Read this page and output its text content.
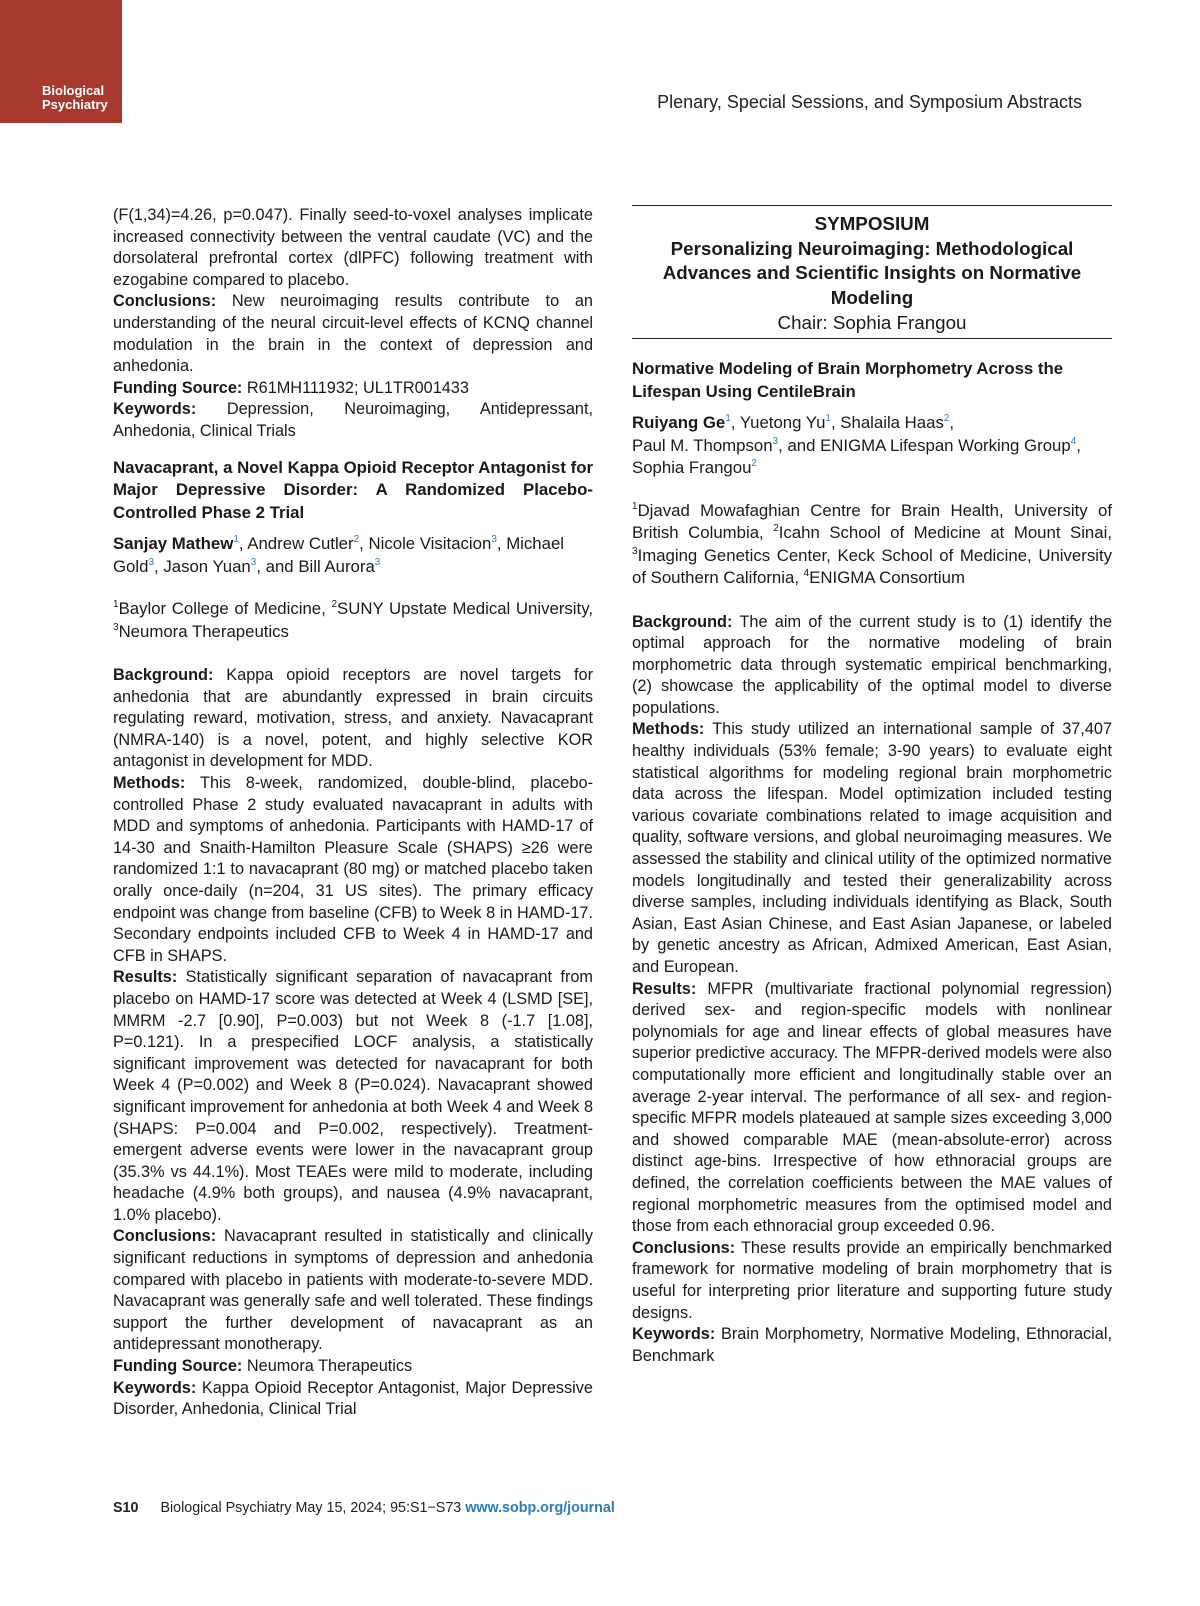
Biological
Psychiatry	Plenary, Special Sessions, and Symposium Abstracts

(F(1,34)=4.26, p=0.047). Finally seed-to-voxel analyses implicate increased connectivity between the ventral caudate (VC) and the dorsolateral prefrontal cortex (dlPFC) following treatment with ezogabine compared to placebo.

Conclusions: New neuroimaging results contribute to an understanding of the neural circuit-level effects of KCNQ channel modulation in the brain in the context of depression and anhedonia.

Funding Source: R61MH111932; UL1TR001433

Keywords: Depression, Neuroimaging, Antidepressant, Anhedonia, Clinical Trials

Navacaprant, a Novel Kappa Opioid Receptor Antagonist for Major Depressive Disorder: A Randomized Placebo-Controlled Phase 2 Trial

Sanjay Mathew$^1$, Andrew Cutler$^2$, Nicole Visitacion$^3$, Michael Gold$^3$, Jason Yuan$^3$, and Bill Aurora$^3$

$^1$Baylor College of Medicine, $^2$SUNY Upstate Medical University, $^3$Neumora Therapeutics

Background: Kappa opioid receptors are novel targets for anhedonia that are abundantly expressed in brain circuits regulating reward, motivation, stress, and anxiety. Navacaprant (NMRA-140) is a novel, potent, and highly selective KOR antagonist in development for MDD.

Methods: This 8-week, randomized, double-blind, placebo-controlled Phase 2 study evaluated navacaprant in adults with MDD and symptoms of anhedonia. Participants with HAMD-17 of 14-30 and Snaith-Hamilton Pleasure Scale (SHAPS) ≥26 were randomized 1:1 to navacaprant (80 mg) or matched placebo taken orally once-daily (n=204, 31 US sites). The primary efficacy endpoint was change from baseline (CFB) to Week 8 in HAMD-17. Secondary endpoints included CFB to Week 4 in HAMD-17 and CFB in SHAPS.

Results: Statistically significant separation of navacaprant from placebo on HAMD-17 score was detected at Week 4 (LSMD [SE], MMRM -2.7 [0.90], P=0.003) but not Week 8 (-1.7 [1.08], P=0.121). In a prespecified LOCF analysis, a statistically significant improvement was detected for navacaprant for both Week 4 (P=0.002) and Week 8 (P=0.024). Navacaprant showed significant improvement for anhedonia at both Week 4 and Week 8 (SHAPS: P=0.004 and P=0.002, respectively). Treatment-emergent adverse events were lower in the navacaprant group (35.3% vs 44.1%). Most TEAEs were mild to moderate, including headache (4.9% both groups), and nausea (4.9% navacaprant, 1.0% placebo).

Conclusions: Navacaprant resulted in statistically and clinically significant reductions in symptoms of depression and anhedonia compared with placebo in patients with moderate-to-severe MDD. Navacaprant was generally safe and well tolerated. These findings support the further development of navacaprant as an antidepressant monotherapy.

Funding Source: Neumora Therapeutics

Keywords: Kappa Opioid Receptor Antagonist, Major Depressive Disorder, Anhedonia, Clinical Trial

SYMPOSIUM
Personalizing Neuroimaging: Methodological Advances and Scientific Insights on Normative Modeling
Chair: Sophia Frangou

Normative Modeling of Brain Morphometry Across the Lifespan Using CentileBrain

Ruiyang Ge$^1$, Yuetong Yu$^1$, Shalaila Haas$^2$,
Paul M. Thompson$^3$, and ENIGMA Lifespan Working Group$^4$, Sophia Frangou$^2$

$^1$Djavad Mowafaghian Centre for Brain Health, University of British Columbia, $^2$Icahn School of Medicine at Mount Sinai, $^3$Imaging Genetics Center, Keck School of Medicine, University of Southern California, $^4$ENIGMA Consortium

Background: The aim of the current study is to (1) identify the optimal approach for the normative modeling of brain morphometric data through systematic empirical benchmarking, (2) showcase the applicability of the optimal model to diverse populations.

Methods: This study utilized an international sample of 37,407 healthy individuals (53% female; 3-90 years) to evaluate eight statistical algorithms for modeling regional brain morphometric data across the lifespan. Model optimization included testing various covariate combinations related to image acquisition and quality, software versions, and global neuroimaging measures. We assessed the stability and clinical utility of the optimized normative models longitudinally and tested their generalizability across diverse samples, including individuals identifying as Black, South Asian, East Asian Chinese, and East Asian Japanese, or labeled by genetic ancestry as African, Admixed American, East Asian, and European.

Results: MFPR (multivariate fractional polynomial regression) derived sex- and region-specific models with nonlinear polynomials for age and linear effects of global measures have superior predictive accuracy. The MFPR-derived models were also computationally more efficient and longitudinally stable over an average 2-year interval. The performance of all sex- and region-specific MFPR models plateaued at sample sizes exceeding 3,000 and showed comparable MAE (mean-absolute-error) across distinct age-bins. Irrespective of how ethnoracial groups are defined, the correlation coefficients between the MAE values of regional morphometric measures from the optimised model and those from each ethnoracial group exceeded 0.96.

Conclusions: These results provide an empirically benchmarked framework for normative modeling of brain morphometry that is useful for interpreting prior literature and supporting future study designs.

Keywords: Brain Morphometry, Normative Modeling, Ethnoracial, Benchmark

S10 Biological Psychiatry May 15, 2024; 95:S1−S73 www.sobp.org/journal
